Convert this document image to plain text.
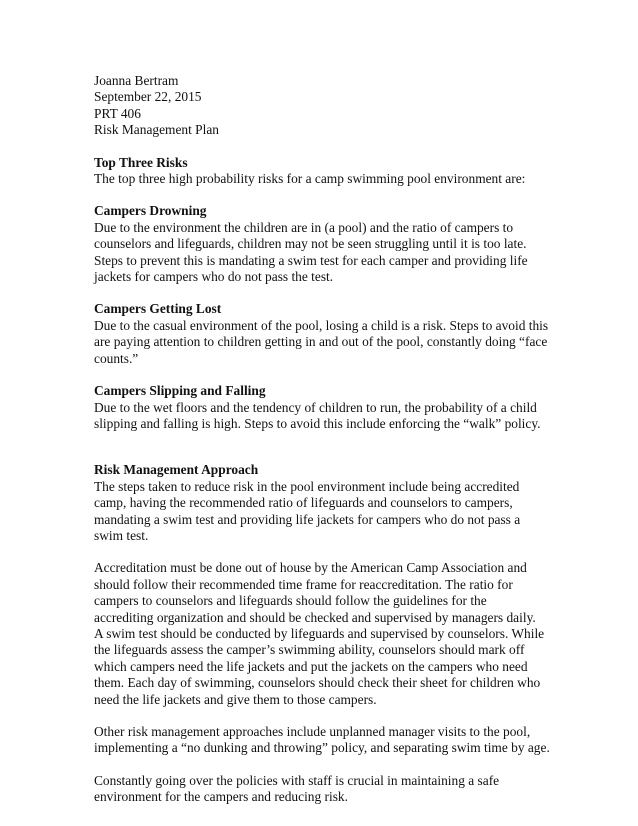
Joanna Bertram
September 22, 2015
PRT 406
Risk Management Plan
Top Three Risks
The top three high probability risks for a camp swimming pool environment are:
Campers Drowning
Due to the environment the children are in (a pool) and the ratio of campers to
counselors and lifeguards, children may not be seen struggling until it is too late.
Steps to prevent this is mandating a swim test for each camper and providing life
jackets for campers who do not pass the test.
Campers Getting Lost
Due to the casual environment of the pool, losing a child is a risk. Steps to avoid this
are paying attention to children getting in and out of the pool, constantly doing “face
counts.”
Campers Slipping and Falling
Due to the wet floors and the tendency of children to run, the probability of a child
slipping and falling is high. Steps to avoid this include enforcing the “walk” policy.
Risk Management Approach
The steps taken to reduce risk in the pool environment include being accredited
camp, having the recommended ratio of lifeguards and counselors to campers,
mandating a swim test and providing life jackets for campers who do not pass a
swim test.
Accreditation must be done out of house by the American Camp Association and
should follow their recommended time frame for reaccreditation. The ratio for
campers to counselors and lifeguards should follow the guidelines for the
accrediting organization and should be checked and supervised by managers daily.
A swim test should be conducted by lifeguards and supervised by counselors. While
the lifeguards assess the camper’s swimming ability, counselors should mark off
which campers need the life jackets and put the jackets on the campers who need
them. Each day of swimming, counselors should check their sheet for children who
need the life jackets and give them to those campers.
Other risk management approaches include unplanned manager visits to the pool,
implementing a “no dunking and throwing” policy, and separating swim time by age.
Constantly going over the policies with staff is crucial in maintaining a safe
environment for the campers and reducing risk.
